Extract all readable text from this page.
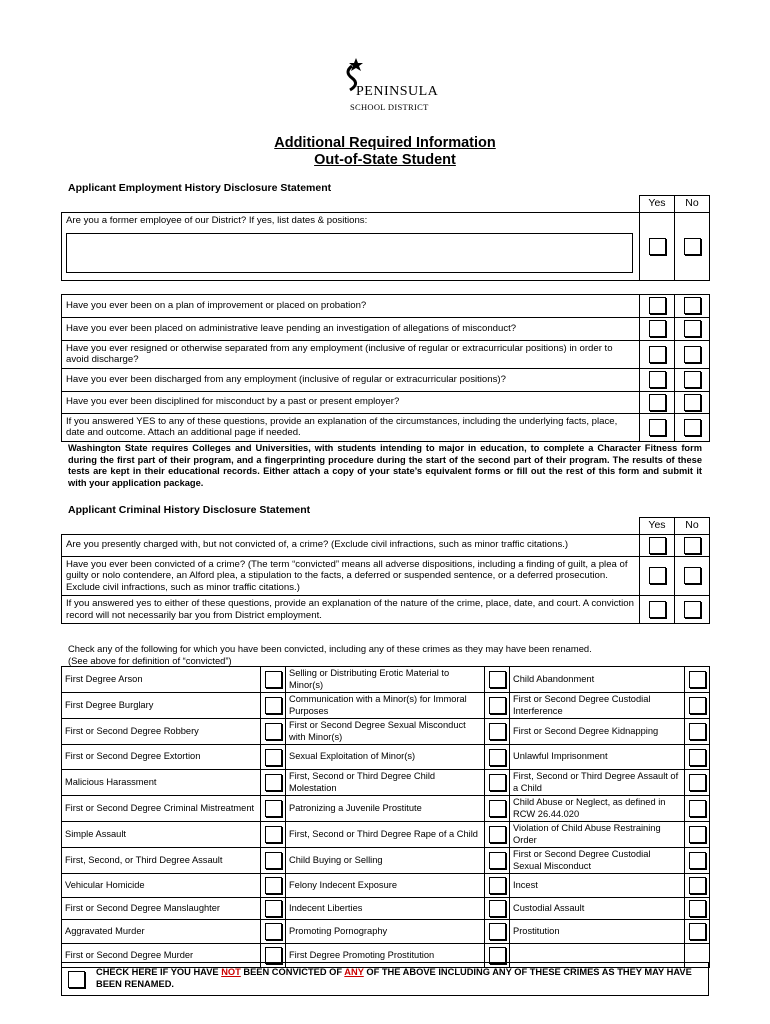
PENINSULA
SCHOOL DISTRICT
Additional Required Information
Out-of-State Student
Applicant Employment History Disclosure Statement
	Yes	No

Are you a former employee of our District? If yes, list dates & positions:		

Have you ever been on a plan of improvement or placed on probation?		
Have you ever been placed on administrative leave pending an investigation of allegations of misconduct?		
Have you ever resigned or otherwise separated from any employment (inclusive of regular or extracurricular positions) in order to avoid discharge?		
Have you ever been discharged from any employment (inclusive of regular or extracurricular positions)?		
Have you ever been disciplined for misconduct by a past or present employer?		
If you answered YES to any of these questions, provide an explanation of the circumstances, including the underlying facts, place, date and outcome. Attach an additional page if needed.		
Washington State requires Colleges and Universities, with students intending to major in education, to complete a Character Fitness form during the first part of their program, and a fingerprinting procedure during the start of the second part of their program. The results of these tests are kept in their educational records. Either attach a copy of your state’s equivalent forms or fill out the rest of this form and submit it with your application package.
Applicant Criminal History Disclosure Statement
	Yes	No
Are you presently charged with, but not convicted of, a crime? (Exclude civil infractions, such as minor traffic citations.)		
Have you ever been convicted of a crime? (The term “convicted” means all adverse dispositions, including a finding of guilt, a plea of guilty or nolo contendere, an Alford plea, a stipulation to the facts, a deferred or suspended sentence, or a deferred prosecution. Exclude civil infractions, such as minor traffic citations.)		
If you answered yes to either of these questions, provide an explanation of the nature of the crime, place, date, and court. A conviction record will not necessarily bar you from District employment.		
Check any of the following for which you have been convicted, including any of these crimes as they may have been renamed.
(See above for definition of “convicted”)
First Degree Arson		Selling or Distributing Erotic Material to Minor(s)		Child Abandonment	
First Degree Burglary		Communication with a Minor(s) for Immoral Purposes		First or Second Degree Custodial Interference	
First or Second Degree Robbery		First or Second Degree Sexual Misconduct with Minor(s)		First or Second Degree Kidnapping	
First or Second Degree Extortion		Sexual Exploitation of Minor(s)		Unlawful Imprisonment	
Malicious Harassment		First, Second or Third Degree Child Molestation		First, Second or Third Degree Assault of a Child	
First or Second Degree Criminal Mistreatment		Patronizing a Juvenile Prostitute		Child Abuse or Neglect, as defined in RCW 26.44.020	
Simple Assault		First, Second or Third Degree Rape of a Child		Violation of Child Abuse Restraining Order	
First, Second, or Third Degree Assault		Child Buying or Selling		First or Second Degree Custodial Sexual Misconduct	
Vehicular Homicide		Felony Indecent Exposure		Incest	
First or Second Degree Manslaughter		Indecent Liberties		Custodial Assault	
Aggravated Murder		Promoting Pornography		Prostitution	
First or Second Degree Murder		First Degree Promoting Prostitution			
CHECK HERE IF YOU HAVE NOT BEEN CONVICTED OF ANY OF THE ABOVE INCLUDING ANY OF THESE CRIMES AS THEY MAY HAVE BEEN RENAMED.
